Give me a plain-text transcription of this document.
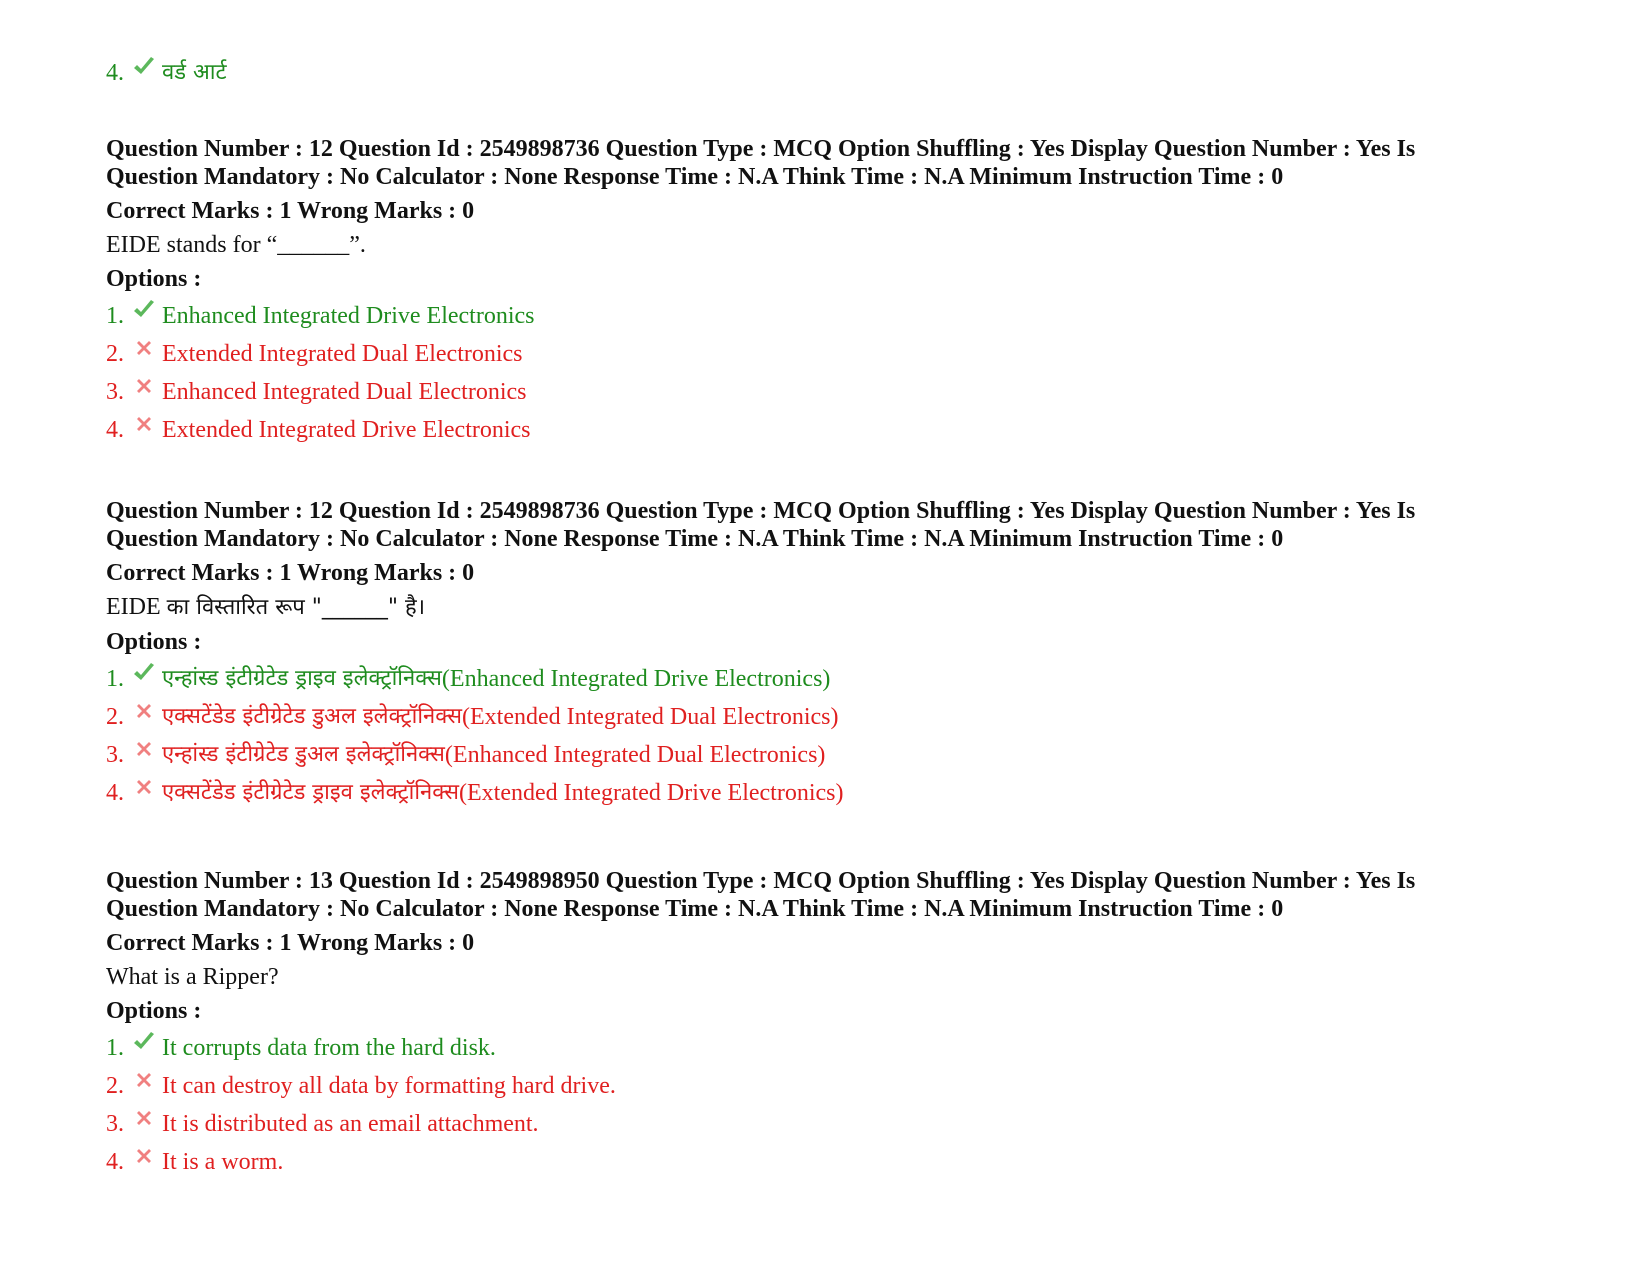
4.	वर्ड आर्ट

Question Number : 12 Question Id : 2549898736 Question Type : MCQ Option Shuffling : Yes Display Question Number : Yes Is
Question Mandatory : No Calculator : None Response Time : N.A Think Time : N.A Minimum Instruction Time : 0

Correct Marks : 1 Wrong Marks : 0

EIDE stands for “______”.

Options :

1.	Enhanced Integrated Drive Electronics
2.	Extended Integrated Dual Electronics
3.	Enhanced Integrated Dual Electronics
4.	Extended Integrated Drive Electronics

Question Number : 12 Question Id : 2549898736 Question Type : MCQ Option Shuffling : Yes Display Question Number : Yes Is
Question Mandatory : No Calculator : None Response Time : N.A Think Time : N.A Minimum Instruction Time : 0

Correct Marks : 1 Wrong Marks : 0

EIDE का विस्तारित रूप "______" है।

Options :

1.	एन्हांस्ड इंटीग्रेटेड ड्राइव इलेक्ट्रॉनिक्स (Enhanced Integrated Drive Electronics)
2.	एक्सटेंडेड इंटीग्रेटेड डुअल इलेक्ट्रॉनिक्स (Extended Integrated Dual Electronics)
3.	एन्हांस्ड इंटीग्रेटेड डुअल इलेक्ट्रॉनिक्स (Enhanced Integrated Dual Electronics)
4.	एक्सटेंडेड इंटीग्रेटेड ड्राइव इलेक्ट्रॉनिक्स (Extended Integrated Drive Electronics)

Question Number : 13 Question Id : 2549898950 Question Type : MCQ Option Shuffling : Yes Display Question Number : Yes Is
Question Mandatory : No Calculator : None Response Time : N.A Think Time : N.A Minimum Instruction Time : 0

Correct Marks : 1 Wrong Marks : 0

What is a Ripper?

Options :

1.	It corrupts data from the hard disk.
2.	It can destroy all data by formatting hard drive.
3.	It is distributed as an email attachment.
4.	It is a worm.
